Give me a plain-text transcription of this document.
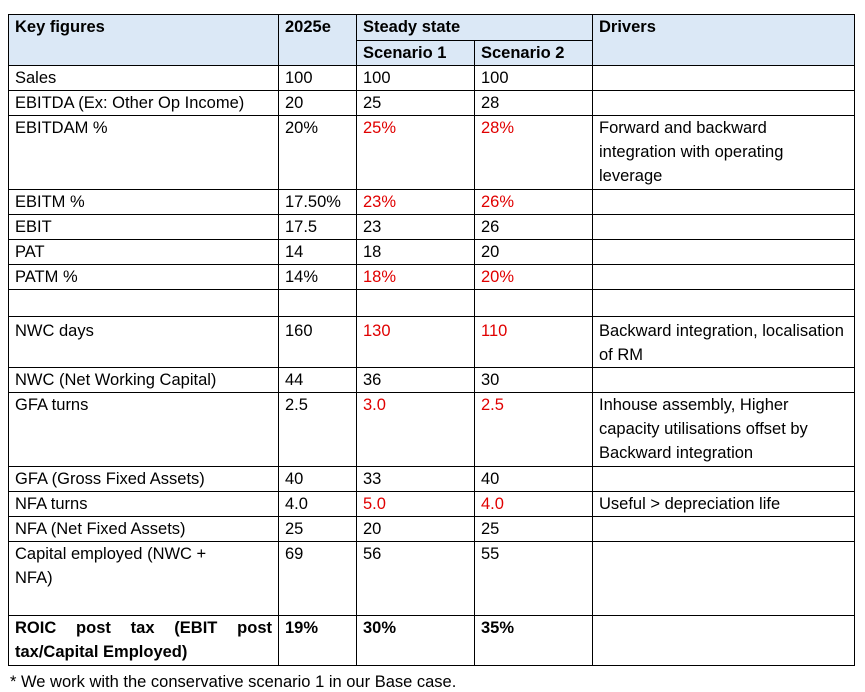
Key figures	2025e	Steady state		Drivers
		Scenario 1	Scenario 2	
Sales	100	100	100	
EBITDA (Ex: Other Op Income)	20	25	28	
EBITDAM %	20%	25%	28%	Forward and backward integration with operating leverage
EBITM %	17.50%	23%	26%	
EBIT	17.5	23	26	
PAT	14	18	20	
PATM %	14%	18%	20%	

NWC days	160	130	110	Backward integration, localisation of RM
NWC (Net Working Capital)	44	36	30	
GFA turns	2.5	3.0	2.5	Inhouse assembly, Higher capacity utilisations offset by Backward integration
GFA (Gross Fixed Assets)	40	33	40	
NFA turns	4.0	5.0	4.0	Useful > depreciation life
NFA (Net Fixed Assets)	25	20	25	
Capital employed (NWC + NFA)	69	56	55	
ROIC post tax (EBIT post tax/Capital Employed)	19%	30%	35%	
* We work with the conservative scenario 1 in our Base case.
